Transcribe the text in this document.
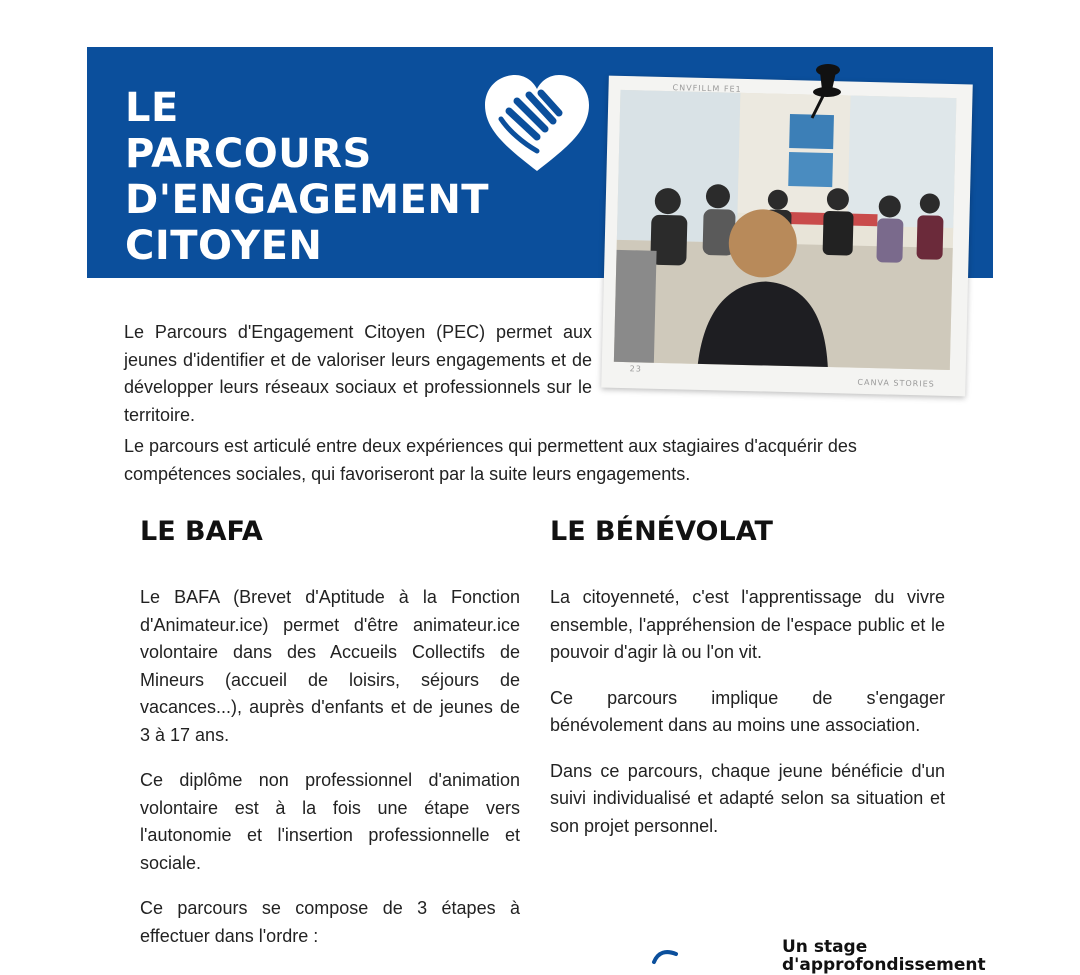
LE
PARCOURS
D'ENGAGEMENT
CITOYEN
CNVFILLM FE1
23
CANVA STORIES

Le Parcours d'Engagement Citoyen (PEC) permet aux jeunes d'identifier et de valoriser leurs engagements et de développer leurs réseaux sociaux et professionnels sur le territoire.

Le parcours est articulé entre deux expériences qui permettent aux stagiaires d'acquérir des compétences sociales, qui favoriseront par la suite leurs engagements.

LE BAFA

Le BAFA (Brevet d'Aptitude à la Fonction d'Animateur.ice) permet d'être animateur.ice volontaire dans des Accueils Collectifs de Mineurs (accueil de loisirs, séjours de vacances...), auprès d'enfants et de jeunes de 3 à 17 ans.

Ce diplôme non professionnel d'animation volontaire est à la fois une étape vers l'autonomie et l'insertion professionnelle et sociale.

Ce parcours se compose de 3 étapes à effectuer dans l'ordre :

LE BÉNÉVOLAT

La citoyenneté, c'est l'apprentissage du vivre ensemble, l'appréhension de l'espace public et le pouvoir d'agir là ou l'on vit.

Ce parcours implique de s'engager bénévolement dans au moins une association.

Dans ce parcours, chaque jeune bénéficie d'un suivi individualisé et adapté selon sa situation et son projet personnel.

Un stage
d'approfondissement
